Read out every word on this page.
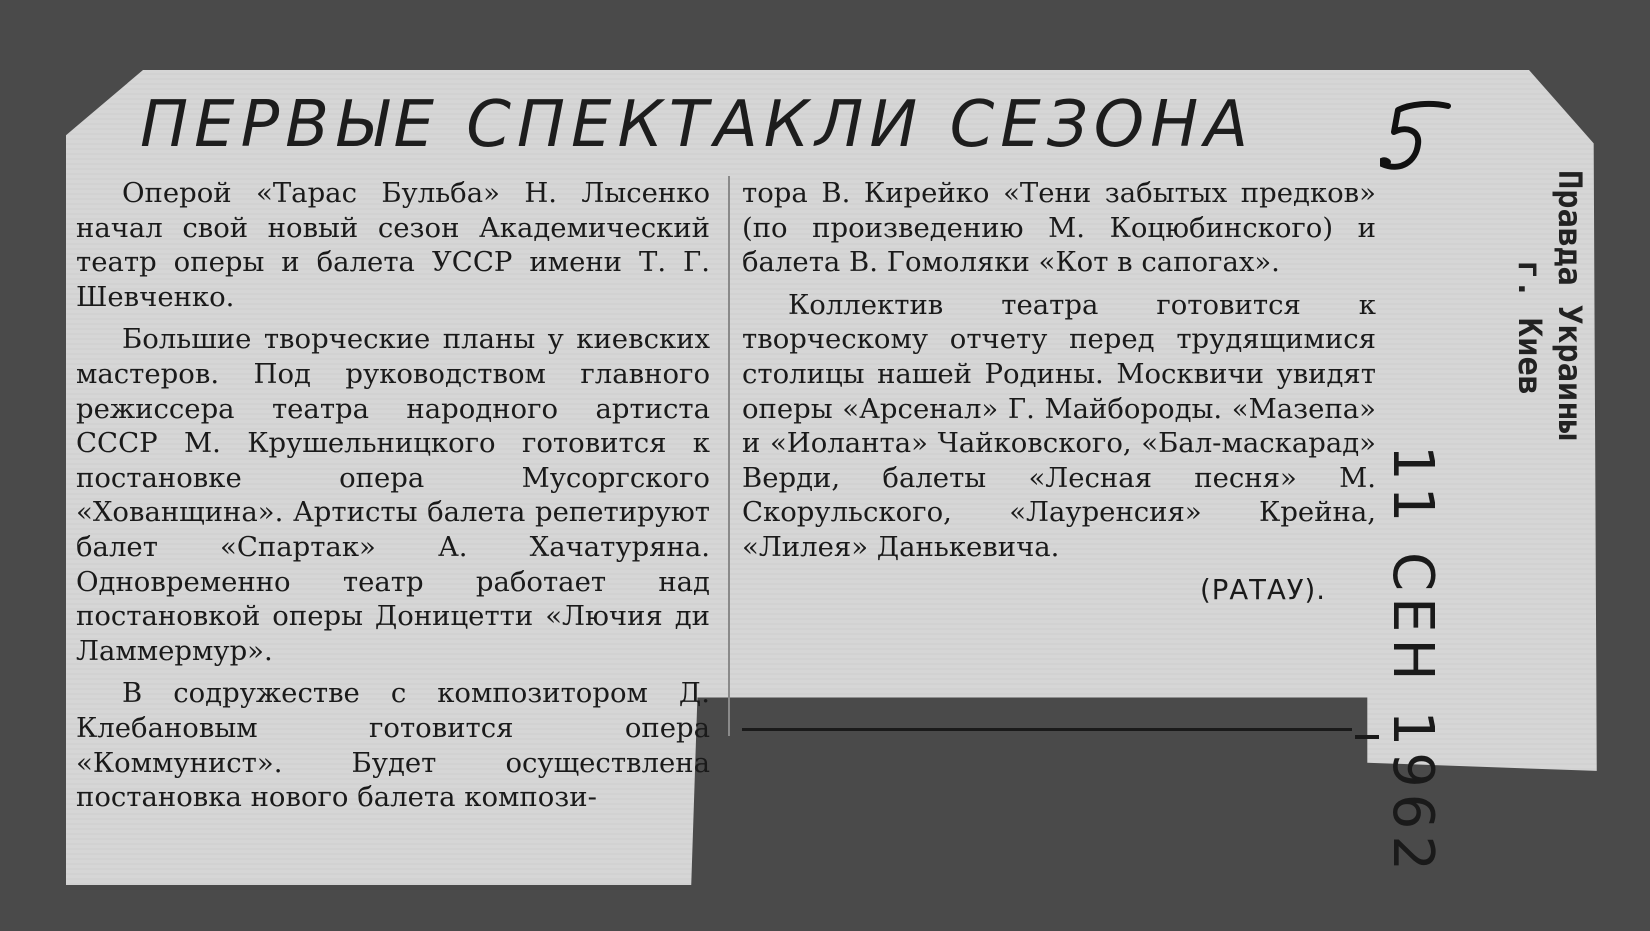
ПЕРВЫЕ СПЕКТАКЛИ СЕЗОНА

Оперой «Тарас Бульба» Н. Лысенко начал свой новый сезон Академический театр оперы и балета УССР имени Т. Г. Шевченко.

Большие творческие планы у киевских мастеров. Под руководством главного режиссера театра народного артиста СССР М. Крушельницкого готовится к постановке опера Мусоргского «Хованщина». Артисты балета репетируют балет «Спартак» А. Хачатуряна. Одновременно театр работает над постановкой оперы Доницетти «Лючия ди Ламмермур».

В содружестве с композитором Д. Клебановым готовится опера «Коммунист». Будет осуществлена постановка нового балета компози-

тора В. Кирейко «Тени забытых предков» (по произведению М. Коцюбинского) и балета В. Гомоляки «Кот в сапогах».

Коллектив театра готовится к творческому отчету перед трудящимися столицы нашей Родины. Москвичи увидят оперы «Арсенал» Г. Майбороды. «Мазепа» и «Иоланта» Чайковского, «Бал-маскарад» Верди, балеты «Лесная песня» М. Скорульского, «Лауренсия» Крейна, «Лилея» Данькевича.

(РАТАУ).
Правда Украины
г. Киев
11 СЕН 1962
